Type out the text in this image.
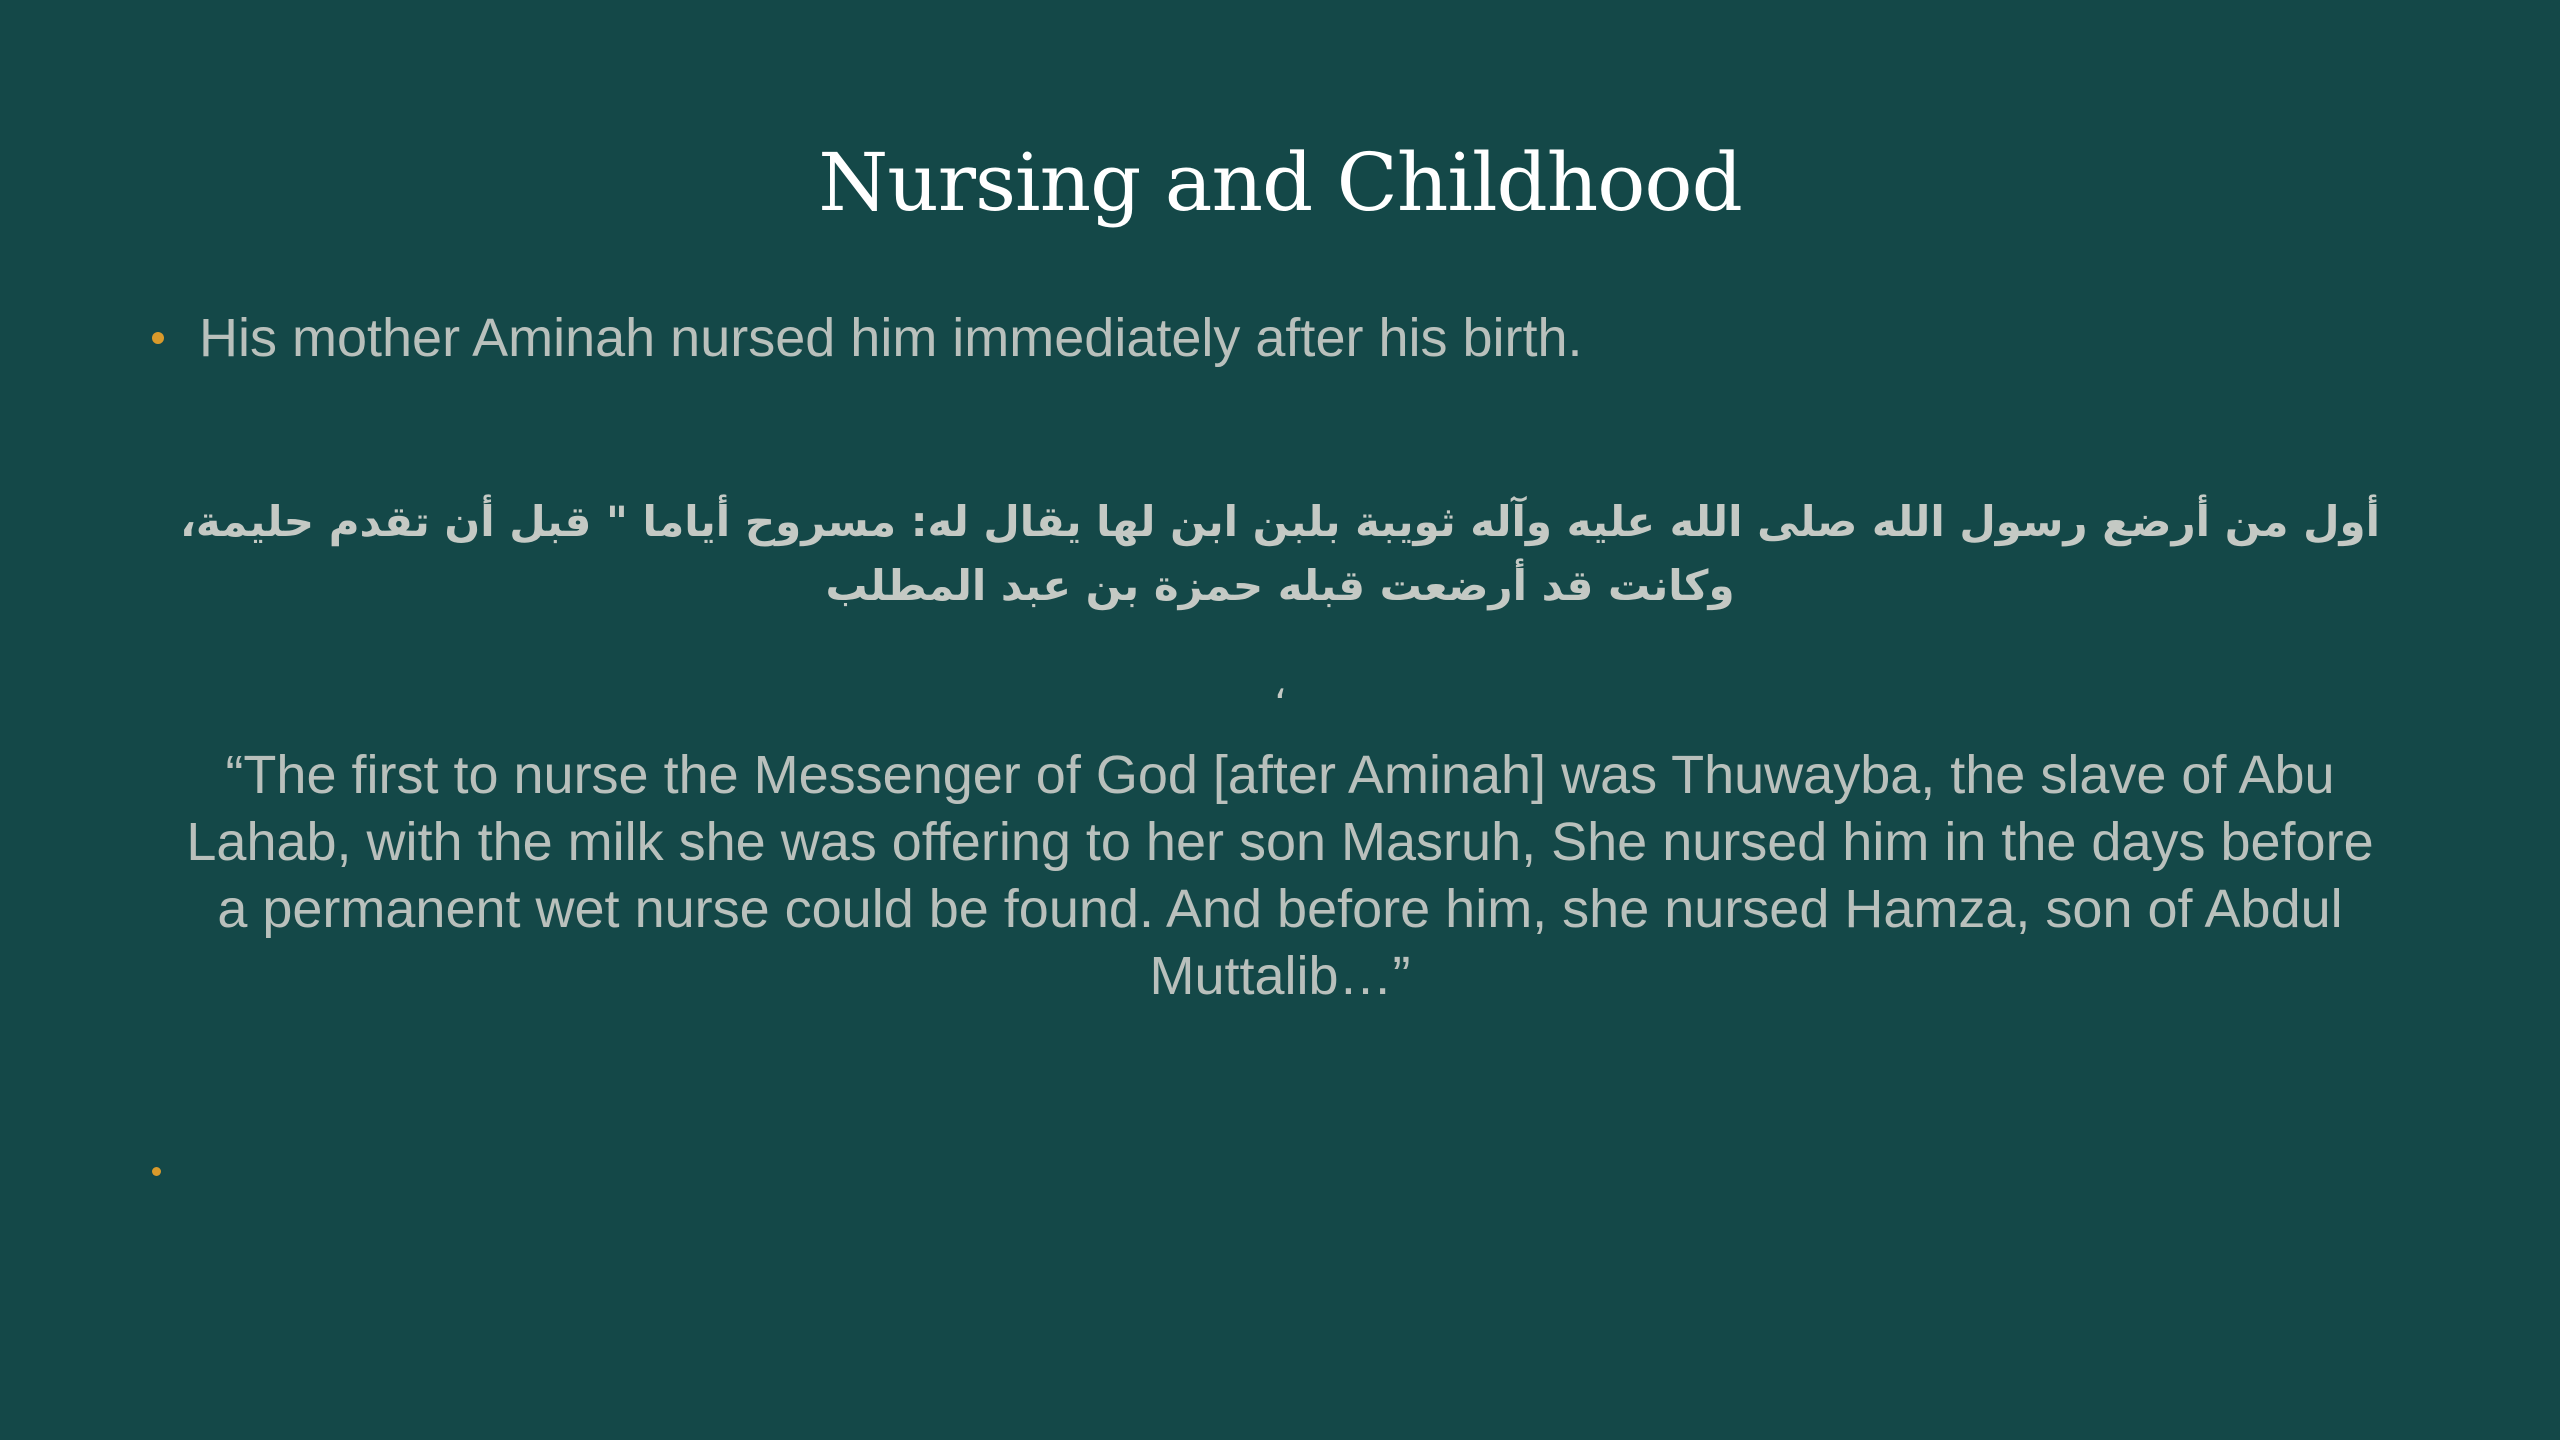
Nursing and Childhood
His mother Aminah nursed him immediately after his birth.
أول من أرضع رسول الله صلى الله عليه وآله ثويبة بلبن ابن لها يقال له: مسروح أياما " قبل أن تقدم حليمة، وكانت قد أرضعت قبله حمزة بن عبد المطلب
،
“The first to nurse the Messenger of God [after Aminah] was Thuwayba, the slave of Abu Lahab, with the milk she was offering to her son Masruh, She nursed him in the days before a permanent wet nurse could be found. And before him, she nursed Hamza, son of Abdul Muttalib…”
